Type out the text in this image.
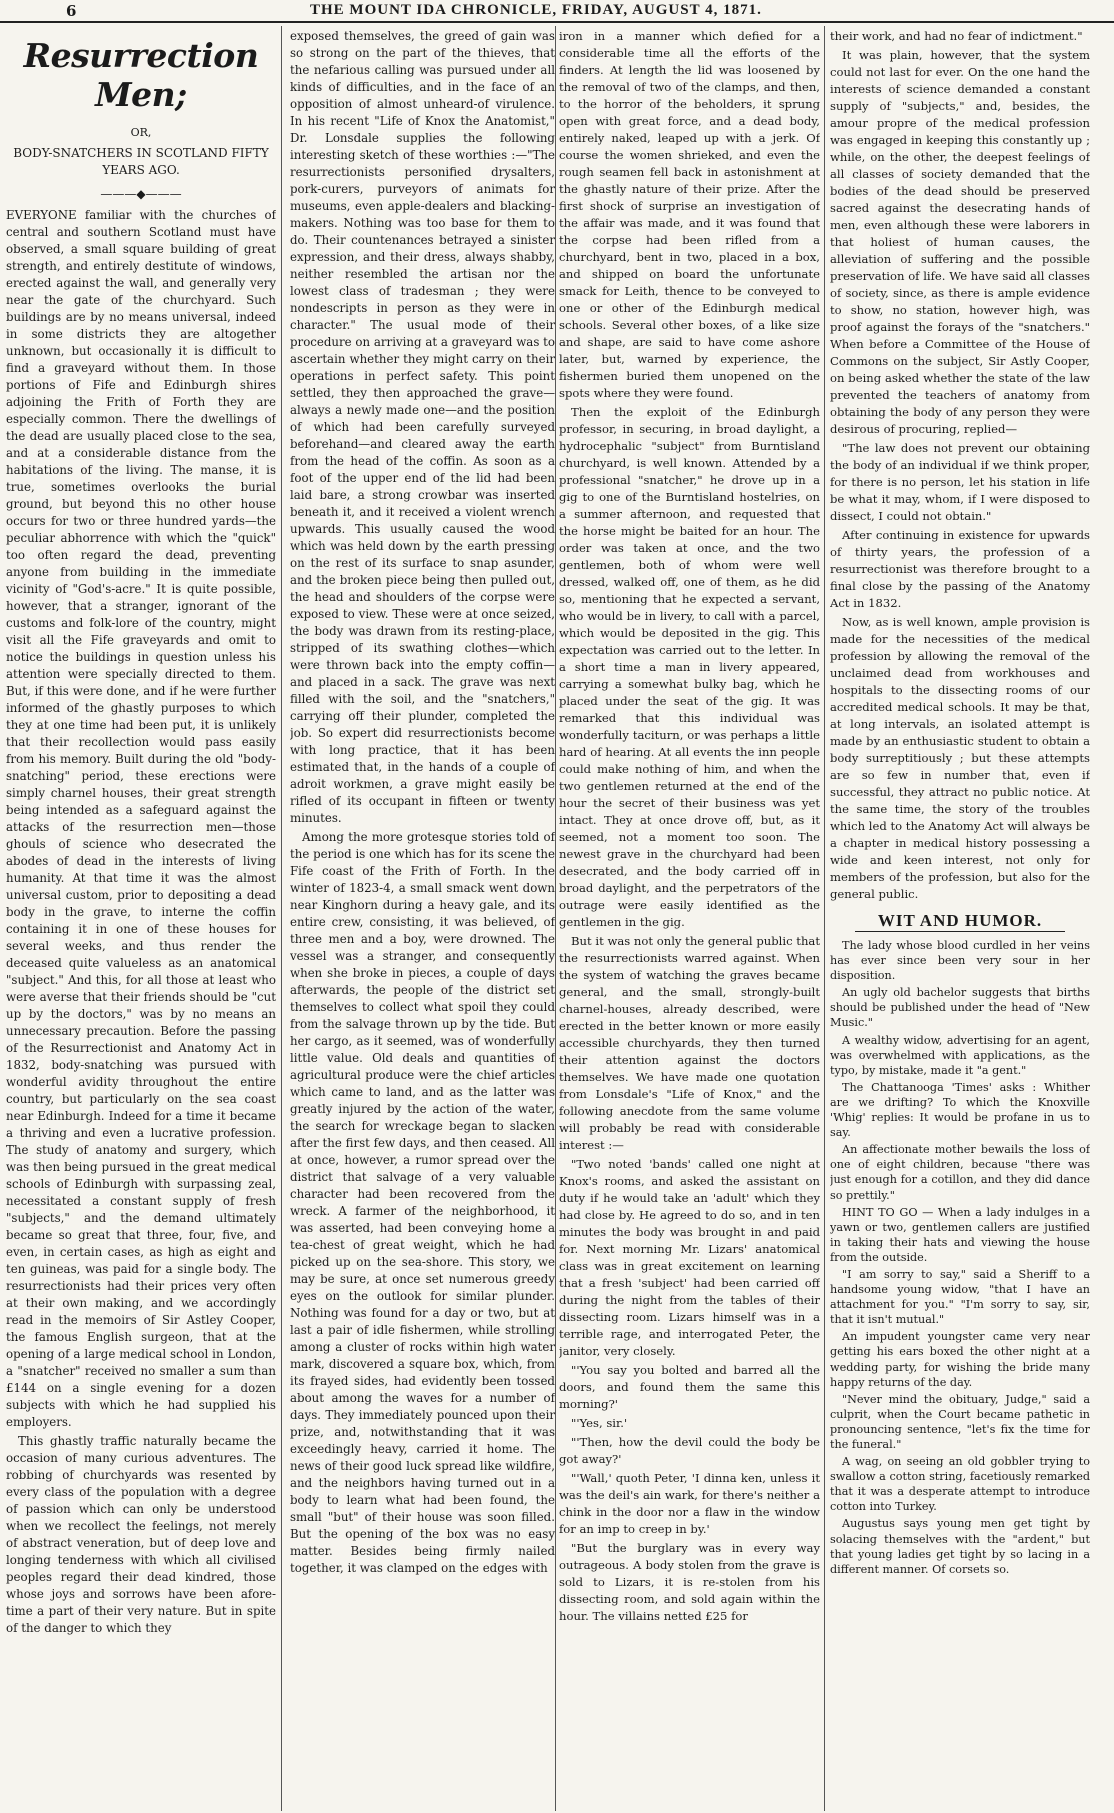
6	THE MOUNT IDA CHRONICLE, FRIDAY, AUGUST 4, 1871.
Resurrection Men;

OR,

BODY-SNATCHERS IN SCOTLAND FIFTY YEARS AGO.

———◆———

EVERYONE familiar with the churches of central and southern Scotland must have observed, a small square building of great strength, and entirely destitute of windows, erected against the wall, and generally very near the gate of the churchyard. Such buildings are by no means universal, indeed in some districts they are altogether unknown, but occasionally it is difficult to find a graveyard without them. In those portions of Fife and Edinburgh shires adjoining the Frith of Forth they are especially common. There the dwellings of the dead are usually placed close to the sea, and at a considerable distance from the habitations of the living. The manse, it is true, sometimes overlooks the burial ground, but beyond this no other house occurs for two or three hundred yards—the peculiar abhorrence with which the "quick" too often regard the dead, preventing anyone from building in the immediate vicinity of "God's-acre." It is quite possible, however, that a stranger, ignorant of the customs and folk-lore of the country, might visit all the Fife graveyards and omit to notice the buildings in question unless his attention were specially directed to them. But, if this were done, and if he were further informed of the ghastly purposes to which they at one time had been put, it is unlikely that their recollection would pass easily from his memory. Built during the old "body-snatching" period, these erections were simply charnel houses, their great strength being intended as a safeguard against the attacks of the resurrection men—those ghouls of science who desecrated the abodes of dead in the interests of living humanity. At that time it was the almost universal custom, prior to depositing a dead body in the grave, to interne the coffin containing it in one of these houses for several weeks, and thus render the deceased quite valueless as an anatomical "subject." And this, for all those at least who were averse that their friends should be "cut up by the doctors," was by no means an unnecessary precaution. Before the passing of the Resurrectionist and Anatomy Act in 1832, body-snatching was pursued with wonderful avidity throughout the entire country, but particularly on the sea coast near Edinburgh. Indeed for a time it became a thriving and even a lucrative profession. The study of anatomy and surgery, which was then being pursued in the great medical schools of Edinburgh with surpassing zeal, necessitated a constant supply of fresh "subjects," and the demand ultimately became so great that three, four, five, and even, in certain cases, as high as eight and ten guineas, was paid for a single body. The resurrectionists had their prices very often at their own making, and we accordingly read in the memoirs of Sir Astley Cooper, the famous English surgeon, that at the opening of a large medical school in London, a "snatcher" received no smaller a sum than £144 on a single evening for a dozen subjects with which he had supplied his employers.

This ghastly traffic naturally became the occasion of many curious adventures. The robbing of churchyards was resented by every class of the population with a degree of passion which can only be understood when we recollect the feelings, not merely of abstract veneration, but of deep love and longing tenderness with which all civilised peoples regard their dead kindred, those whose joys and sorrows have been afore-time a part of their very nature. But in spite of the danger to which they

exposed themselves, the greed of gain was so strong on the part of the thieves, that the nefarious calling was pursued under all kinds of difficulties, and in the face of an opposition of almost unheard-of virulence. In his recent "Life of Knox the Anatomist," Dr. Lonsdale supplies the following interesting sketch of these worthies :—"The resurrectionists personified drysalters, pork-curers, purveyors of animats for museums, even apple-dealers and blacking-makers. Nothing was too base for them to do. Their countenances betrayed a sinister expression, and their dress, always shabby, neither resembled the artisan nor the lowest class of tradesman ; they were nondescripts in person as they were in character." The usual mode of their procedure on arriving at a graveyard was to ascertain whether they might carry on their operations in perfect safety. This point settled, they then approached the grave—always a newly made one—and the position of which had been carefully surveyed beforehand—and cleared away the earth from the head of the coffin. As soon as a foot of the upper end of the lid had been laid bare, a strong crowbar was inserted beneath it, and it received a violent wrench upwards. This usually caused the wood which was held down by the earth pressing on the rest of its surface to snap asunder, and the broken piece being then pulled out, the head and shoulders of the corpse were exposed to view. These were at once seized, the body was drawn from its resting-place, stripped of its swathing clothes—which were thrown back into the empty coffin—and placed in a sack. The grave was next filled with the soil, and the "snatchers," carrying off their plunder, completed the job. So expert did resurrectionists become with long practice, that it has been estimated that, in the hands of a couple of adroit workmen, a grave might easily be rifled of its occupant in fifteen or twenty minutes.

Among the more grotesque stories told of the period is one which has for its scene the Fife coast of the Frith of Forth. In the winter of 1823-4, a small smack went down near Kinghorn during a heavy gale, and its entire crew, consisting, it was believed, of three men and a boy, were drowned. The vessel was a stranger, and consequently when she broke in pieces, a couple of days afterwards, the people of the district set themselves to collect what spoil they could from the salvage thrown up by the tide. But her cargo, as it seemed, was of wonderfully little value. Old deals and quantities of agricultural produce were the chief articles which came to land, and as the latter was greatly injured by the action of the water, the search for wreckage began to slacken after the first few days, and then ceased. All at once, however, a rumor spread over the district that salvage of a very valuable character had been recovered from the wreck. A farmer of the neighborhood, it was asserted, had been conveying home a tea-chest of great weight, which he had picked up on the sea-shore. This story, we may be sure, at once set numerous greedy eyes on the outlook for similar plunder. Nothing was found for a day or two, but at last a pair of idle fishermen, while strolling among a cluster of rocks within high water mark, discovered a square box, which, from its frayed sides, had evidently been tossed about among the waves for a number of days. They immediately pounced upon their prize, and, notwithstanding that it was exceedingly heavy, carried it home. The news of their good luck spread like wildfire, and the neighbors having turned out in a body to learn what had been found, the small "but" of their house was soon filled. But the opening of the box was no easy matter. Besides being firmly nailed together, it was clamped on the edges with

iron in a manner which defied for a considerable time all the efforts of the finders. At length the lid was loosened by the removal of two of the clamps, and then, to the horror of the beholders, it sprung open with great force, and a dead body, entirely naked, leaped up with a jerk. Of course the women shrieked, and even the rough seamen fell back in astonishment at the ghastly nature of their prize. After the first shock of surprise an investigation of the affair was made, and it was found that the corpse had been rifled from a churchyard, bent in two, placed in a box, and shipped on board the unfortunate smack for Leith, thence to be conveyed to one or other of the Edinburgh medical schools. Several other boxes, of a like size and shape, are said to have come ashore later, but, warned by experience, the fishermen buried them unopened on the spots where they were found.

Then the exploit of the Edinburgh professor, in securing, in broad daylight, a hydrocephalic "subject" from Burntisland churchyard, is well known. Attended by a professional "snatcher," he drove up in a gig to one of the Burntisland hostelries, on a summer afternoon, and requested that the horse might be baited for an hour. The order was taken at once, and the two gentlemen, both of whom were well dressed, walked off, one of them, as he did so, mentioning that he expected a servant, who would be in livery, to call with a parcel, which would be deposited in the gig. This expectation was carried out to the letter. In a short time a man in livery appeared, carrying a somewhat bulky bag, which he placed under the seat of the gig. It was remarked that this individual was wonderfully taciturn, or was perhaps a little hard of hearing. At all events the inn people could make nothing of him, and when the two gentlemen returned at the end of the hour the secret of their business was yet intact. They at once drove off, but, as it seemed, not a moment too soon. The newest grave in the churchyard had been desecrated, and the body carried off in broad daylight, and the perpetrators of the outrage were easily identified as the gentlemen in the gig.

But it was not only the general public that the resurrectionists warred against. When the system of watching the graves became general, and the small, strongly-built charnel-houses, already described, were erected in the better known or more easily accessible churchyards, they then turned their attention against the doctors themselves. We have made one quotation from Lonsdale's "Life of Knox," and the following anecdote from the same volume will probably be read with considerable interest :—

"Two noted 'bands' called one night at Knox's rooms, and asked the assistant on duty if he would take an 'adult' which they had close by. He agreed to do so, and in ten minutes the body was brought in and paid for. Next morning Mr. Lizars' anatomical class was in great excitement on learning that a fresh 'subject' had been carried off during the night from the tables of their dissecting room. Lizars himself was in a terrible rage, and interrogated Peter, the janitor, very closely.

"'You say you bolted and barred all the doors, and found them the same this morning?'

"'Yes, sir.'

"'Then, how the devil could the body be got away?'

"'Wall,' quoth Peter, 'I dinna ken, unless it was the deil's ain wark, for there's neither a chink in the door nor a flaw in the window for an imp to creep in by.'

"But the burglary was in every way outrageous. A body stolen from the grave is sold to Lizars, it is re-stolen from his dissecting room, and sold again within the hour. The villains netted £25 for

their work, and had no fear of indictment."

It was plain, however, that the system could not last for ever. On the one hand the interests of science demanded a constant supply of "subjects," and, besides, the amour propre of the medical profession was engaged in keeping this constantly up ; while, on the other, the deepest feelings of all classes of society demanded that the bodies of the dead should be preserved sacred against the desecrating hands of men, even although these were laborers in that holiest of human causes, the alleviation of suffering and the possible preservation of life. We have said all classes of society, since, as there is ample evidence to show, no station, however high, was proof against the forays of the "snatchers." When before a Committee of the House of Commons on the subject, Sir Astly Cooper, on being asked whether the state of the law prevented the teachers of anatomy from obtaining the body of any person they were desirous of procuring, replied—

"The law does not prevent our obtaining the body of an individual if we think proper, for there is no person, let his station in life be what it may, whom, if I were disposed to dissect, I could not obtain."

After continuing in existence for upwards of thirty years, the profession of a resurrectionist was therefore brought to a final close by the passing of the Anatomy Act in 1832.

Now, as is well known, ample provision is made for the necessities of the medical profession by allowing the removal of the unclaimed dead from workhouses and hospitals to the dissecting rooms of our accredited medical schools. It may be that, at long intervals, an isolated attempt is made by an enthusiastic student to obtain a body surreptitiously ; but these attempts are so few in number that, even if successful, they attract no public notice. At the same time, the story of the troubles which led to the Anatomy Act will always be a chapter in medical history possessing a wide and keen interest, not only for members of the profession, but also for the general public.

WIT AND HUMOR.

The lady whose blood curdled in her veins has ever since been very sour in her disposition.

An ugly old bachelor suggests that births should be published under the head of "New Music."

A wealthy widow, advertising for an agent, was overwhelmed with applications, as the typo, by mistake, made it "a gent."

The Chattanooga 'Times' asks : Whither are we drifting? To which the Knoxville 'Whig' replies: It would be profane in us to say.

An affectionate mother bewails the loss of one of eight children, because "there was just enough for a cotillon, and they did dance so prettily."

HINT TO GO — When a lady indulges in a yawn or two, gentlemen callers are justified in taking their hats and viewing the house from the outside.

"I am sorry to say," said a Sheriff to a handsome young widow, "that I have an attachment for you." "I'm sorry to say, sir, that it isn't mutual."

An impudent youngster came very near getting his ears boxed the other night at a wedding party, for wishing the bride many happy returns of the day.

"Never mind the obituary, Judge," said a culprit, when the Court became pathetic in pronouncing sentence, "let's fix the time for the funeral."

A wag, on seeing an old gobbler trying to swallow a cotton string, facetiously remarked that it was a desperate attempt to introduce cotton into Turkey.

Augustus says young men get tight by solacing themselves with the "ardent," but that young ladies get tight by so lacing in a different manner. Of corsets so.
